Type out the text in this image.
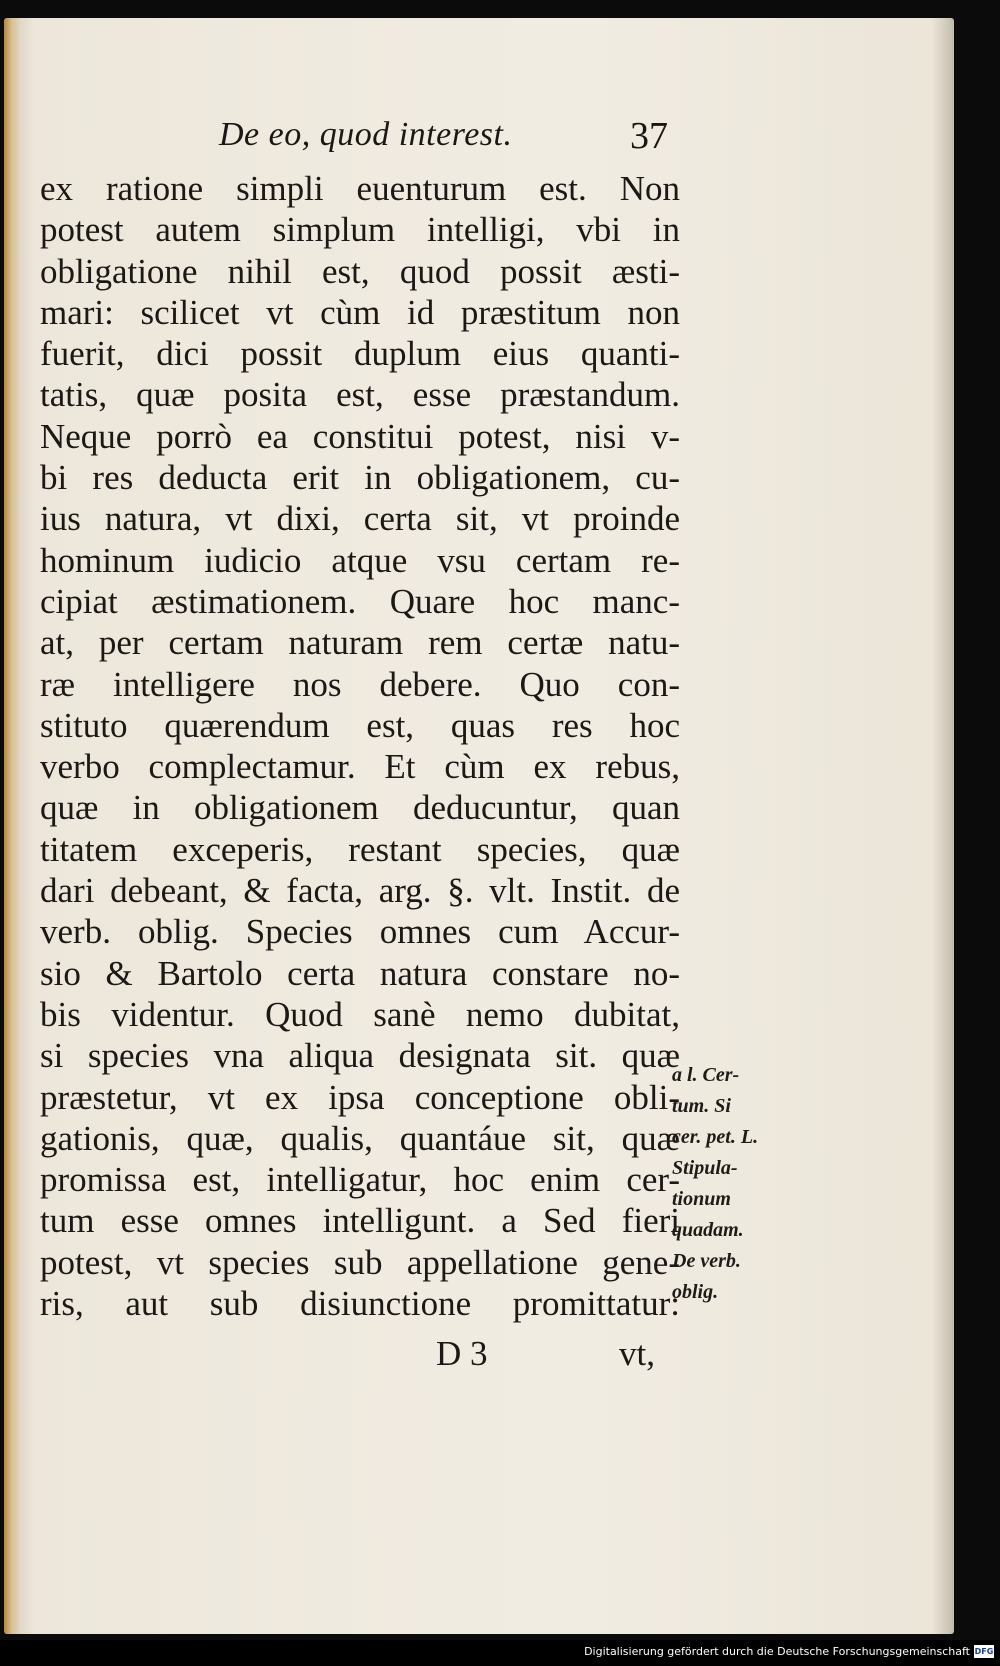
De eo, quod interest.	37
ex ratione simpli euenturum est. Non
potest autem simplum intelligi, vbi in
obligatione nihil est, quod possit æsti-
mari: scilicet vt cùm id præstitum non
fuerit, dici possit duplum eius quanti-
tatis, quæ posita est, esse præstandum.
Neque porrò ea constitui potest, nisi v-
bi res deducta erit in obligationem, cu-
ius natura, vt dixi, certa sit, vt proinde
hominum iudicio atque vsu certam re-
cipiat æstimationem. Quare hoc manc-
at, per certam naturam rem certæ natu-
ræ intelligere nos debere. Quo con-
stituto quærendum est, quas res hoc
verbo complectamur. Et cùm ex rebus,
quæ in obligationem deducuntur, quan
titatem exceperis, restant species, quæ
dari debeant, & facta, arg. §. vlt. Instit. de
verb. oblig. Species omnes cum Accur-
sio & Bartolo certa natura constare no-
bis videntur. Quod sanè nemo dubitat,
si species vna aliqua designata sit. quæ
præstetur, vt ex ipsa conceptione obli-
gationis, quæ, qualis, quantáue sit, quæ
promissa est, intelligatur, hoc enim cer-
tum esse omnes intelligunt. a Sed fieri
potest, vt species sub appellatione gene-
ris, aut sub disiunctione promittatur:
a l. Cer-
tum. Si
cer. pet. L.
Stipula-
tionum
quadam.
De verb.
oblig.
D 3	vt,
Digitalisierung gefördert durch die Deutsche Forschungsgemeinschaft DFG
